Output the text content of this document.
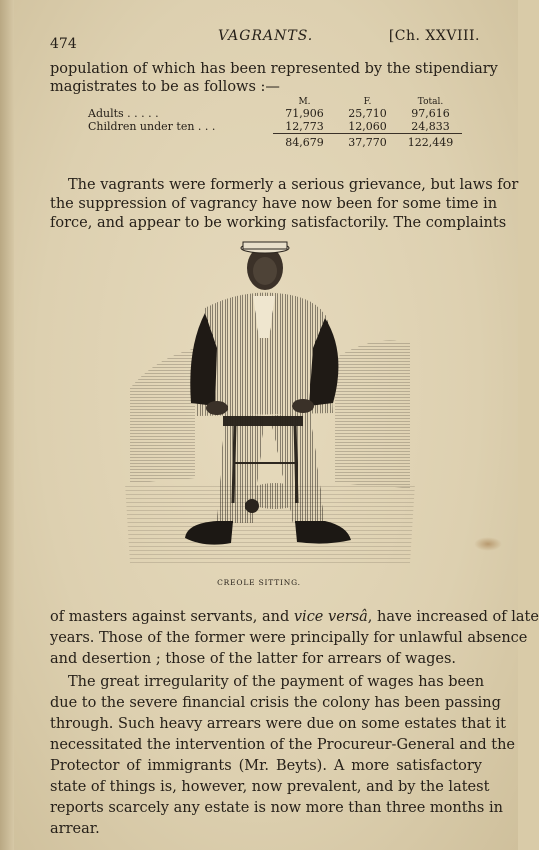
474	VAGRANTS.	[Ch. XXVIII.
population of which has been represented by the stipendiary
magistrates to be as follows :—
	M.	F.	Total.
Adults . . . . .	71,906	25,710	97,616
Children under ten . . .	12,773	12,060	24,833
	84,679	37,770	122,449
The vagrants were formerly a serious grievance, but laws for
the suppression of vagrancy have now been for some time in
force, and appear to be working satisfactorily. The complaints
CREOLE SITTING.
of masters against servants, and vice versâ, have increased of late
years. Those of the former were principally for unlawful absence
and desertion ; those of the latter for arrears of wages.
The great irregularity of the payment of wages has been
due to the severe financial crisis the colony has been passing
through. Such heavy arrears were due on some estates that it
necessitated the intervention of the Procureur-General and the
Protector of immigrants (Mr. Beyts). A more satisfactory
state of things is, however, now prevalent, and by the latest
reports scarcely any estate is now more than three months in
arrear.
